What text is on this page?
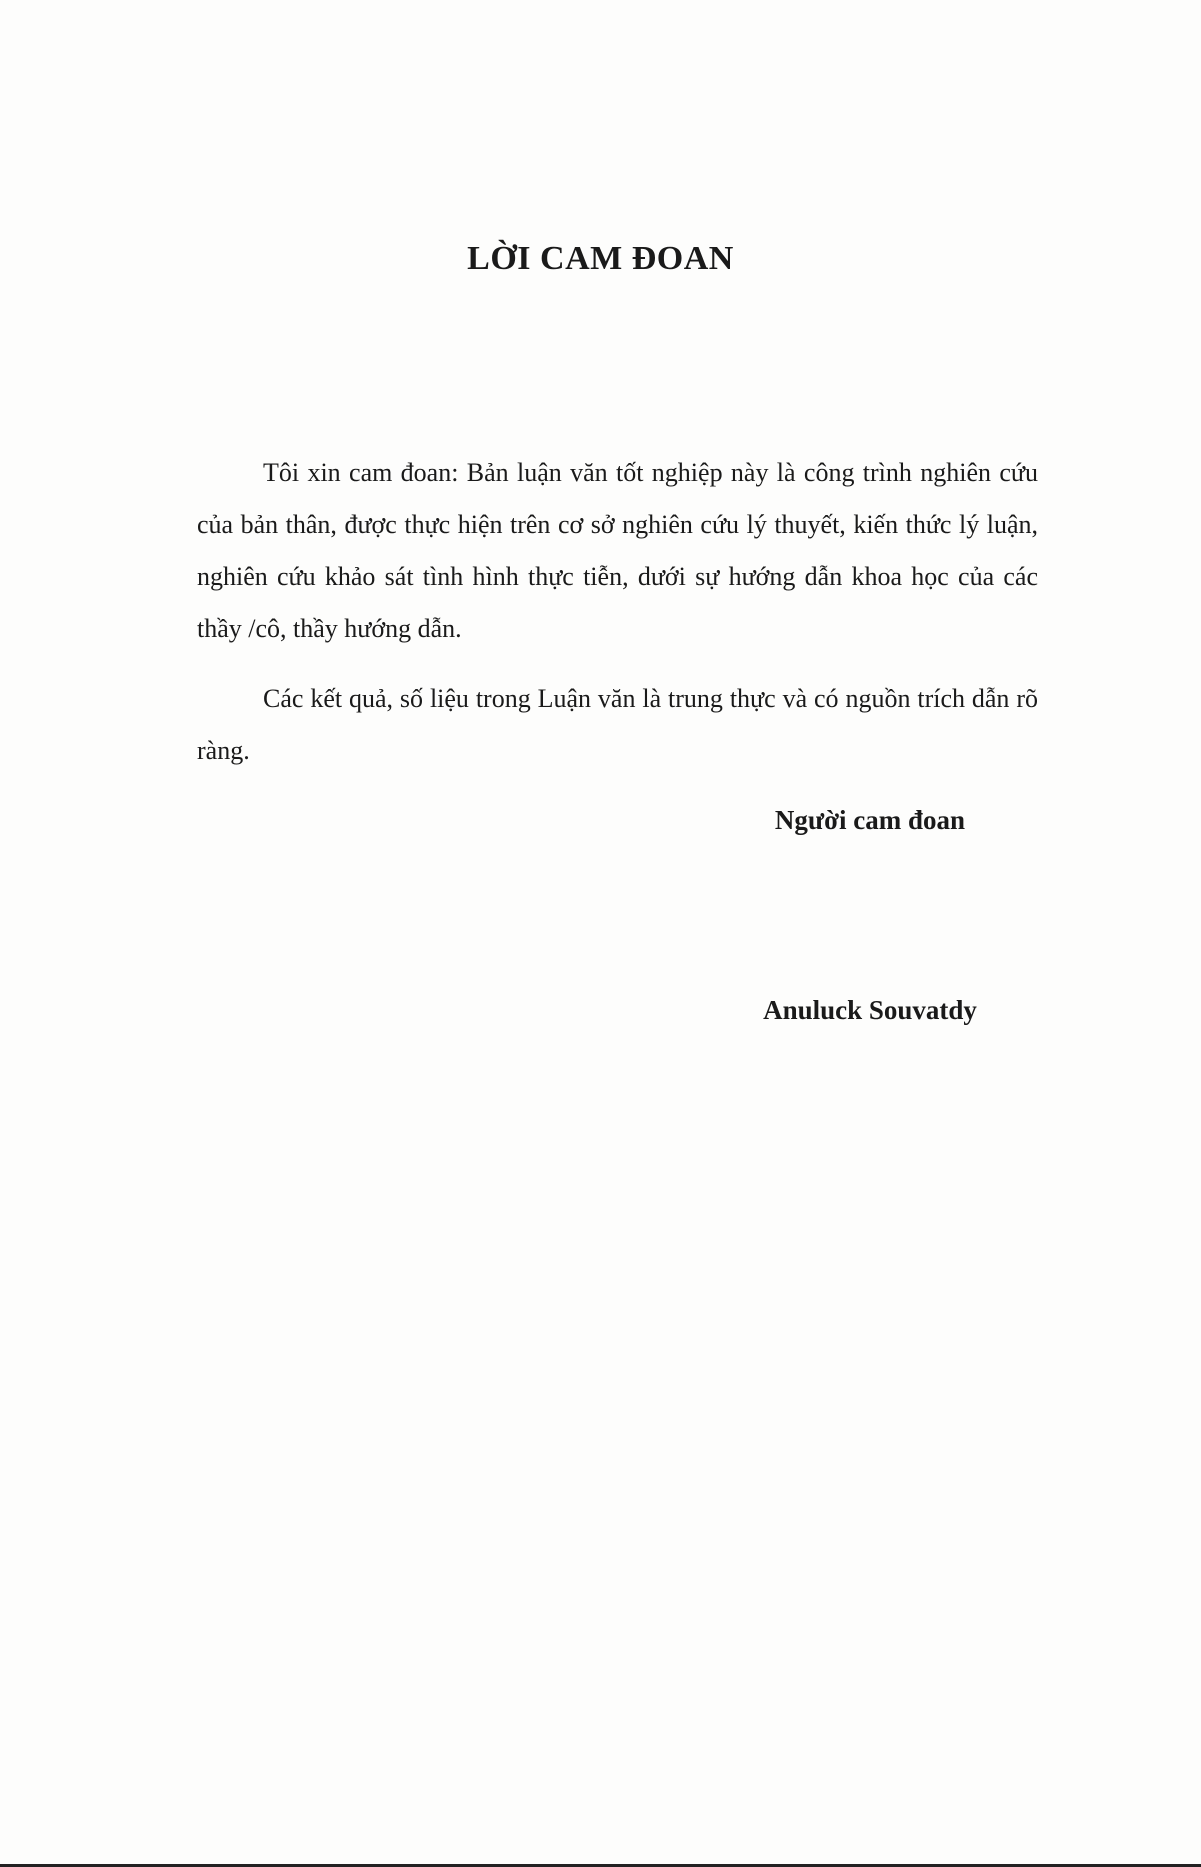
LỜI CAM ĐOAN

Tôi xin cam đoan: Bản luận văn tốt nghiệp này là công trình nghiên cứu của bản thân, được thực hiện trên cơ sở nghiên cứu lý thuyết, kiến thức lý luận, nghiên cứu khảo sát tình hình thực tiễn, dưới sự hướng dẫn khoa học của các thầy /cô, thầy hướng dẫn.

Các kết quả, số liệu trong Luận văn là trung thực và có nguồn trích dẫn rõ ràng.

Người cam đoan
Anuluck Souvatdy
